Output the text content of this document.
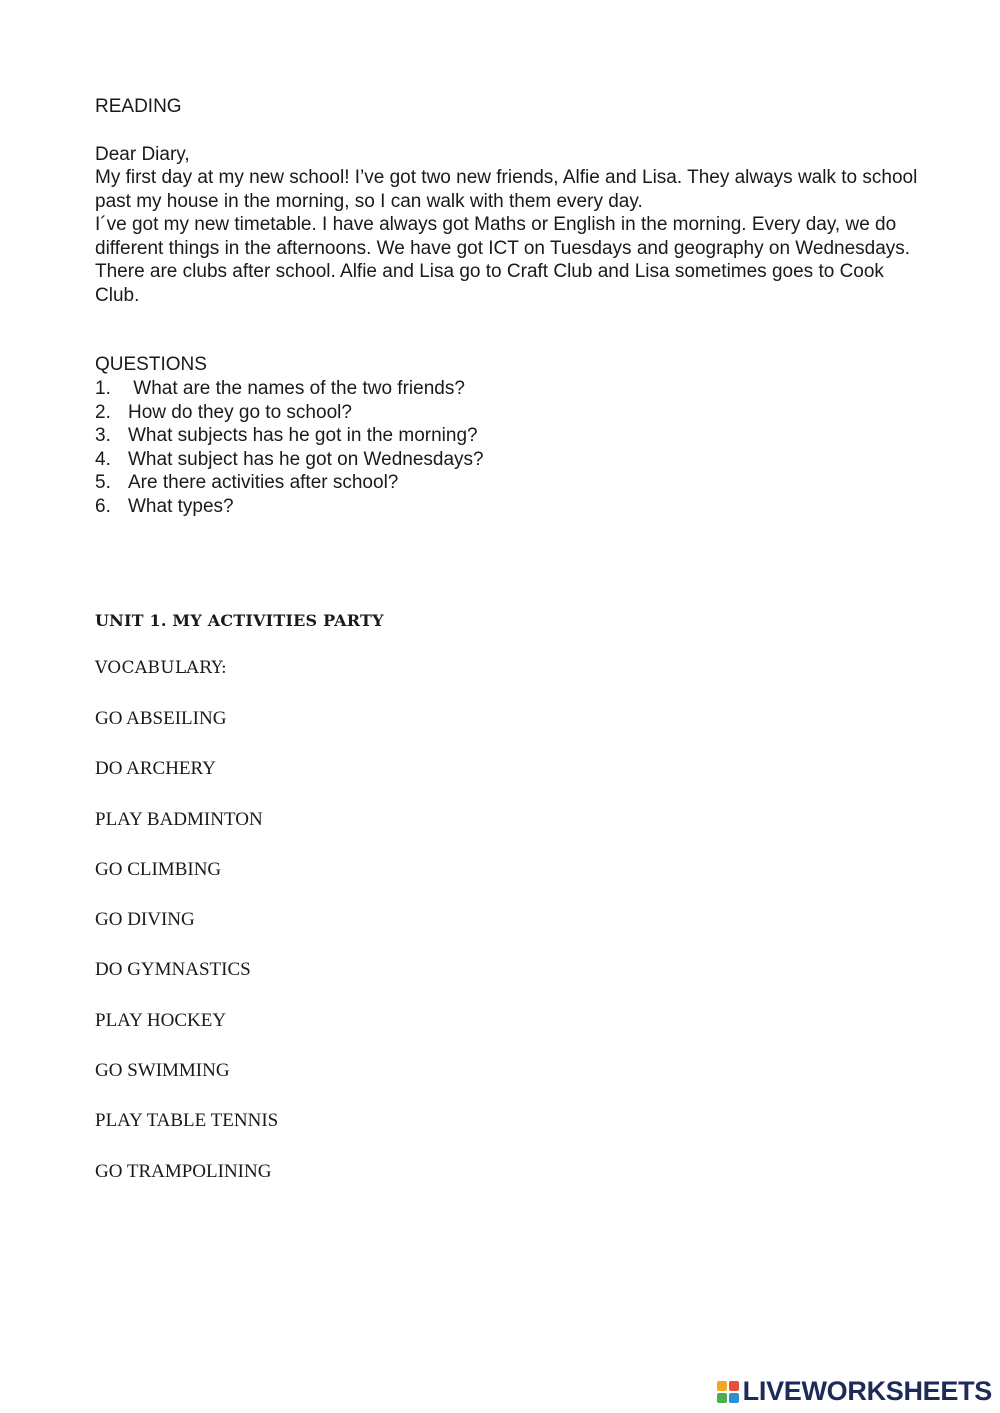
READING
Dear Diary,

My first day at my new school! I’ve got two new friends, Alfie and Lisa. They always walk to school past my house in the morning, so I can walk with them every day.

I´ve got my new timetable. I have always got Maths or English in the morning. Every day, we do different things in the afternoons. We have got ICT on Tuesdays and geography on Wednesdays. There are clubs after school. Alfie and Lisa go to Craft Club and Lisa sometimes goes to Cook Club.

QUESTIONS
1. What are the names of the two friends?
2. How do they go to school?
3. What subjects has he got in the morning?
4. What subject has he got on Wednesdays?
5. Are there activities after school?
6. What types?
UNIT 1. MY ACTIVITIES PARTY
VOCABULARY:
GO ABSEILING
DO ARCHERY
PLAY BADMINTON
GO CLIMBING
GO DIVING
DO GYMNASTICS
PLAY HOCKEY
GO SWIMMING
PLAY TABLE TENNIS
GO TRAMPOLINING
LIVEWORKSHEETS
